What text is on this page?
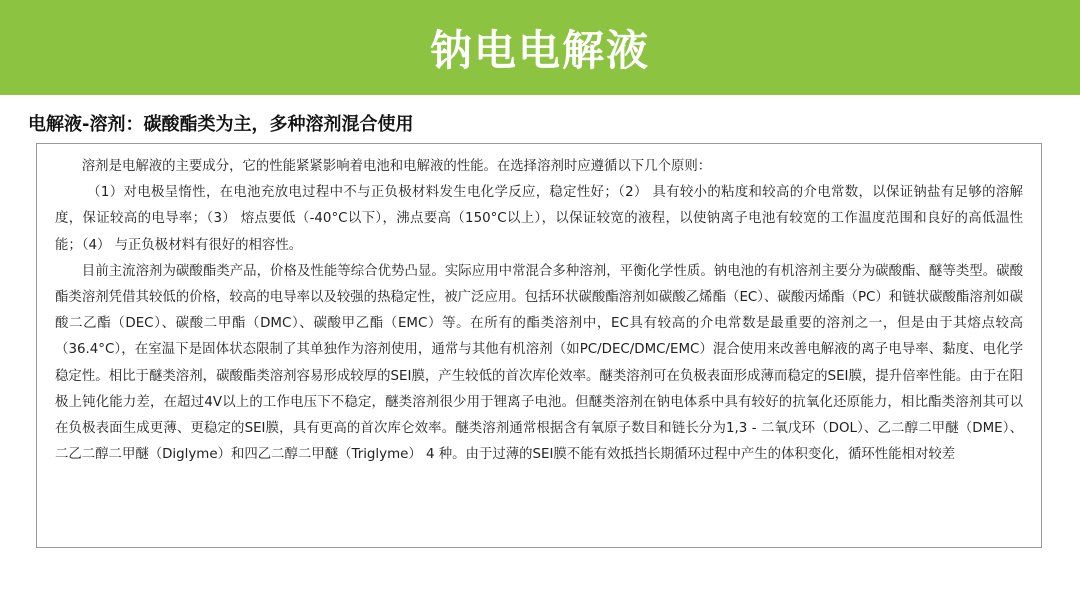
钠电电解液
电解液-溶剂：碳酸酯类为主，多种溶剂混合使用

溶剂是电解液的主要成分，它的性能紧紧影响着电池和电解液的性能。在选择溶剂时应遵循以下几个原则：

（1）对电极呈惰性，在电池充放电过程中不与正负极材料发生电化学反应，稳定性好；（2） 具有较小的粘度和较高的介电常数，以保证钠盐有足够的溶解度，保证较高的电导率；（3） 熔点要低（-40°C以下），沸点要高（150°C以上），以保证较宽的液程，以使钠离子电池有较宽的工作温度范围和良好的高低温性能；（4） 与正负极材料有很好的相容性。

目前主流溶剂为碳酸酯类产品，价格及性能等综合优势凸显。实际应用中常混合多种溶剂，平衡化学性质。钠电池的有机溶剂主要分为碳酸酯、醚等类型。碳酸酯类溶剂凭借其较低的价格，较高的电导率以及较强的热稳定性，被广泛应用。包括环状碳酸酯溶剂如碳酸乙烯酯（EC）、碳酸丙烯酯（PC）和链状碳酸酯溶剂如碳酸二乙酯（DEC）、碳酸二甲酯（DMC）、碳酸甲乙酯（EMC）等。在所有的酯类溶剂中，EC具有较高的介电常数是最重要的溶剂之一，但是由于其熔点较高（36.4°C），在室温下是固体状态限制了其单独作为溶剂使用，通常与其他有机溶剂（如PC/DEC/DMC/EMC）混合使用来改善电解液的离子电导率、黏度、电化学稳定性。相比于醚类溶剂，碳酸酯类溶剂容易形成较厚的SEI膜，产生较低的首次库伦效率。醚类溶剂可在负极表面形成薄而稳定的SEI膜，提升倍率性能。由于在阳极上钝化能力差，在超过4V以上的工作电压下不稳定，醚类溶剂很少用于锂离子电池。但醚类溶剂在钠电体系中具有较好的抗氧化还原能力，相比酯类溶剂其可以在负极表面生成更薄、更稳定的SEI膜，具有更高的首次库仑效率。醚类溶剂通常根据含有氧原子数目和链长分为1,3 - 二氧戊环（DOL）、乙二醇二甲醚（DME）、二乙二醇二甲醚（Diglyme）和四乙二醇二甲醚（Triglyme） 4 种。由于过薄的SEI膜不能有效抵挡长期循环过程中产生的体积变化，循环性能相对较差
